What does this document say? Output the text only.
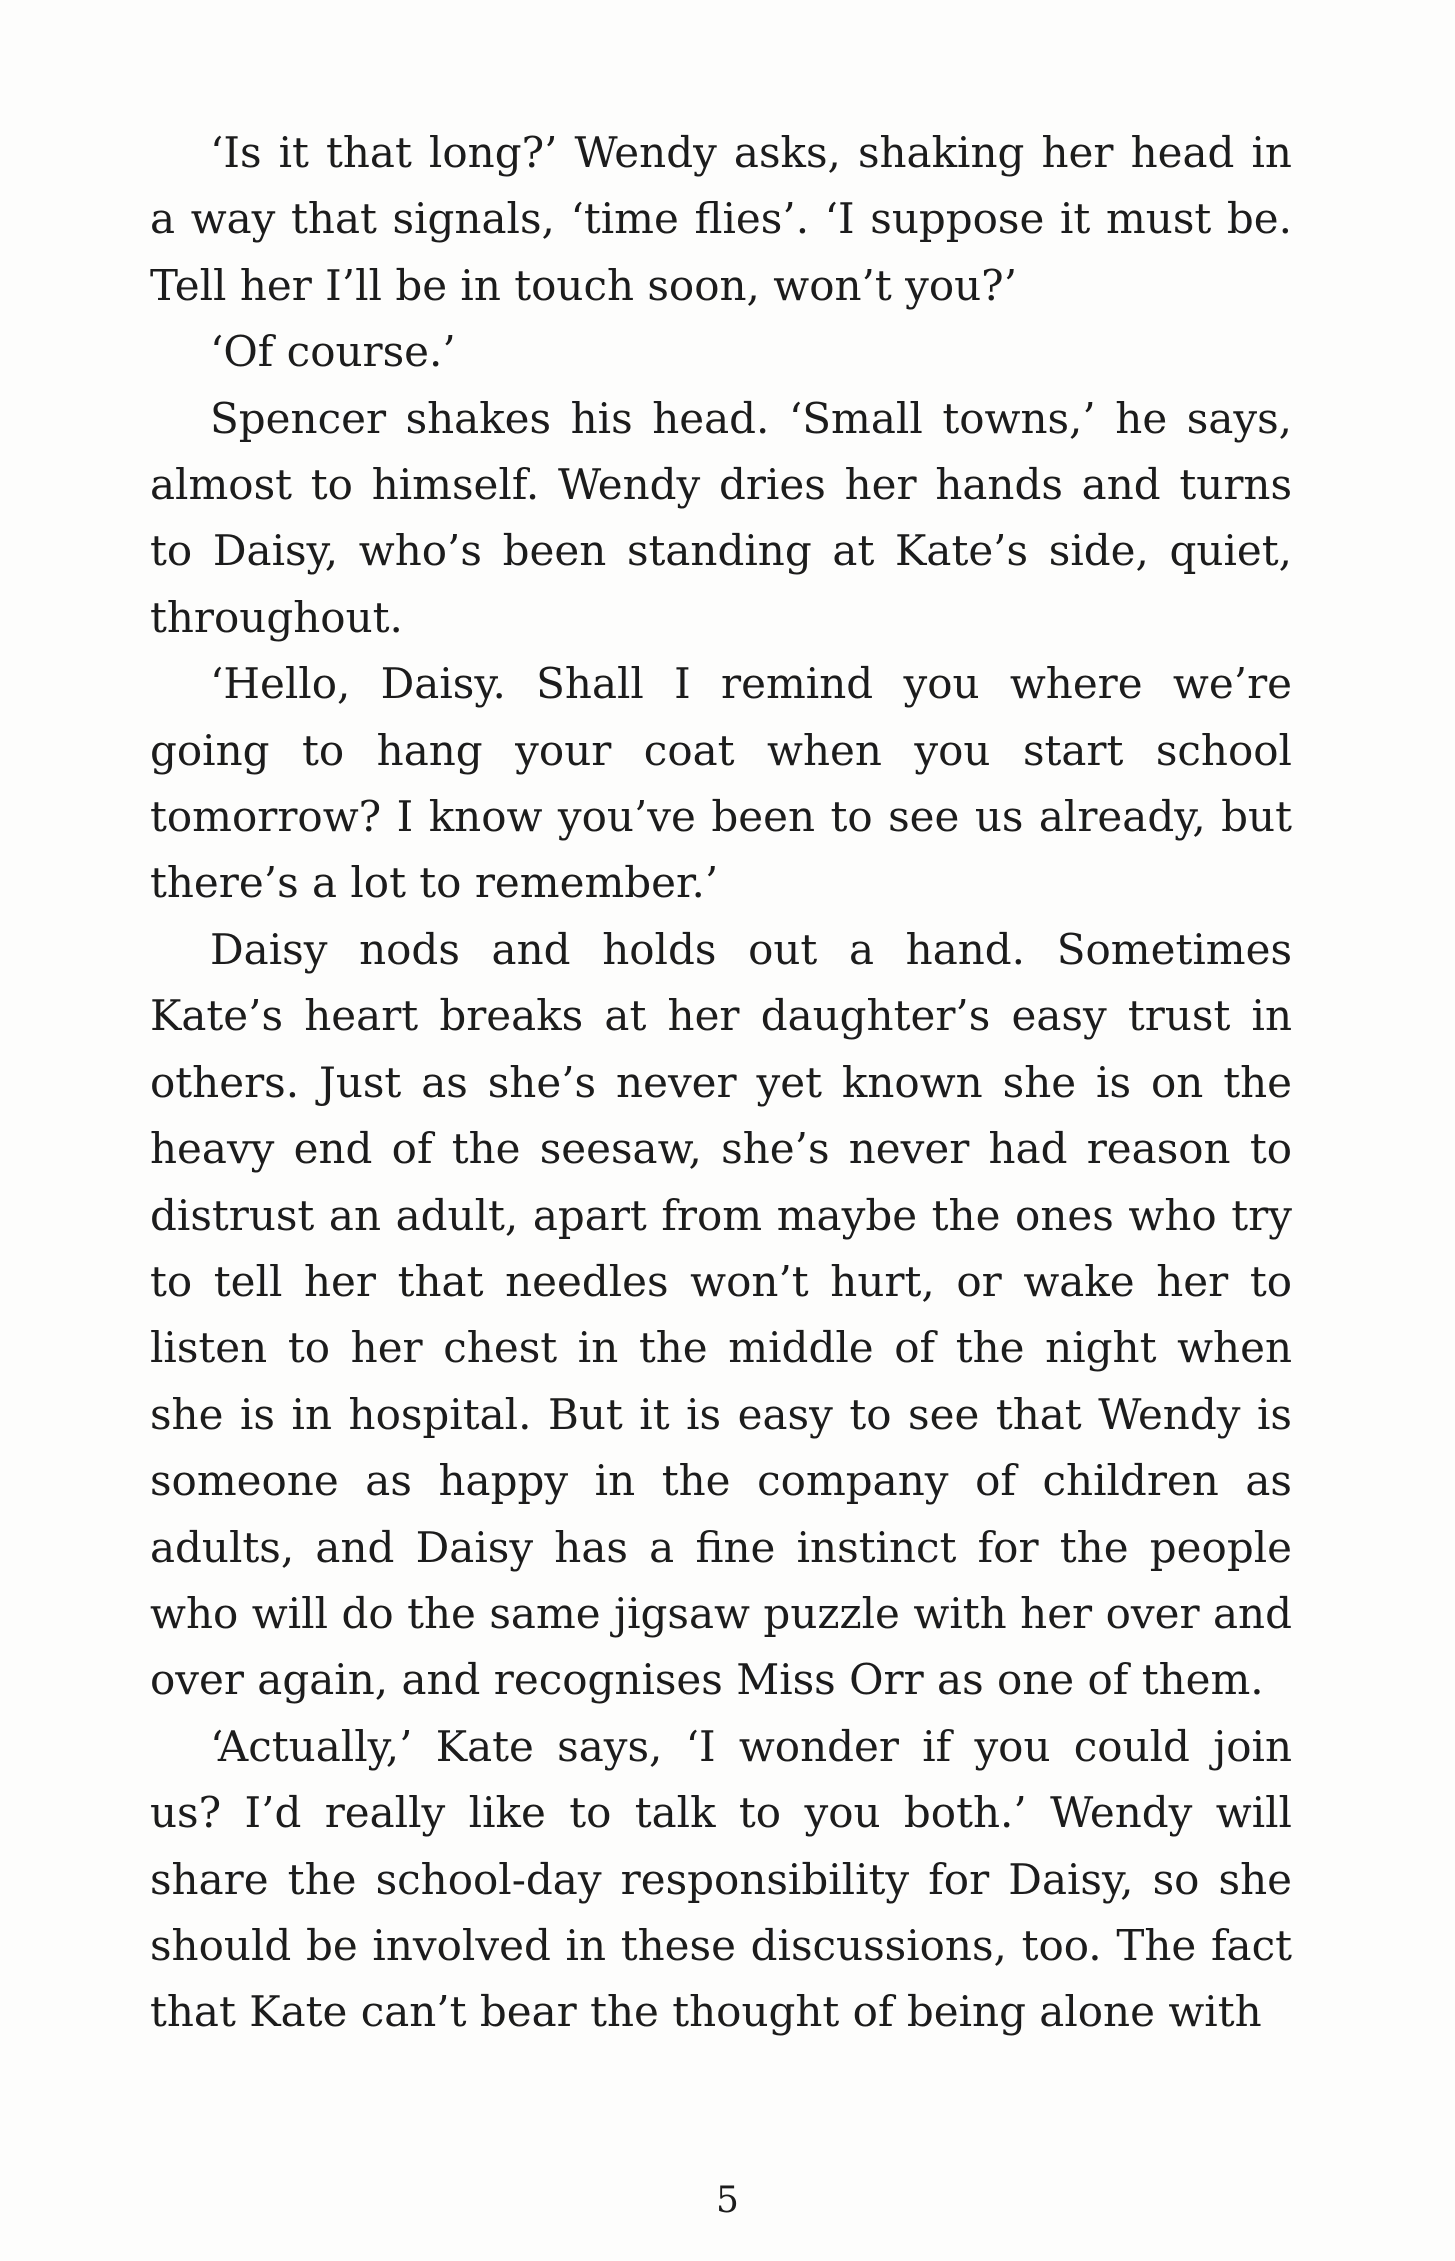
‘Is it that long?’ Wendy asks, shaking her head in a way that signals, ‘time flies’. ‘I suppose it must be. Tell her I’ll be in touch soon, won’t you?’

‘Of course.’

Spencer shakes his head. ‘Small towns,’ he says, almost to himself. Wendy dries her hands and turns to Daisy, who’s been standing at Kate’s side, quiet, throughout.

‘Hello, Daisy. Shall I remind you where we’re going to hang your coat when you start school tomorrow? I know you’ve been to see us already, but there’s a lot to remember.’

Daisy nods and holds out a hand. Sometimes Kate’s heart breaks at her daughter’s easy trust in others. Just as she’s never yet known she is on the heavy end of the seesaw, she’s never had reason to distrust an adult, apart from maybe the ones who try to tell her that needles won’t hurt, or wake her to listen to her chest in the middle of the night when she is in hospital. But it is easy to see that Wendy is someone as happy in the company of children as adults, and Daisy has a fine instinct for the people who will do the same jigsaw puzzle with her over and over again, and recognises Miss Orr as one of them.

‘Actually,’ Kate says, ‘I wonder if you could join us? I’d really like to talk to you both.’ Wendy will share the school-day responsibility for Daisy, so she should be involved in these discussions, too. The fact that Kate can’t bear the thought of being alone with

5
